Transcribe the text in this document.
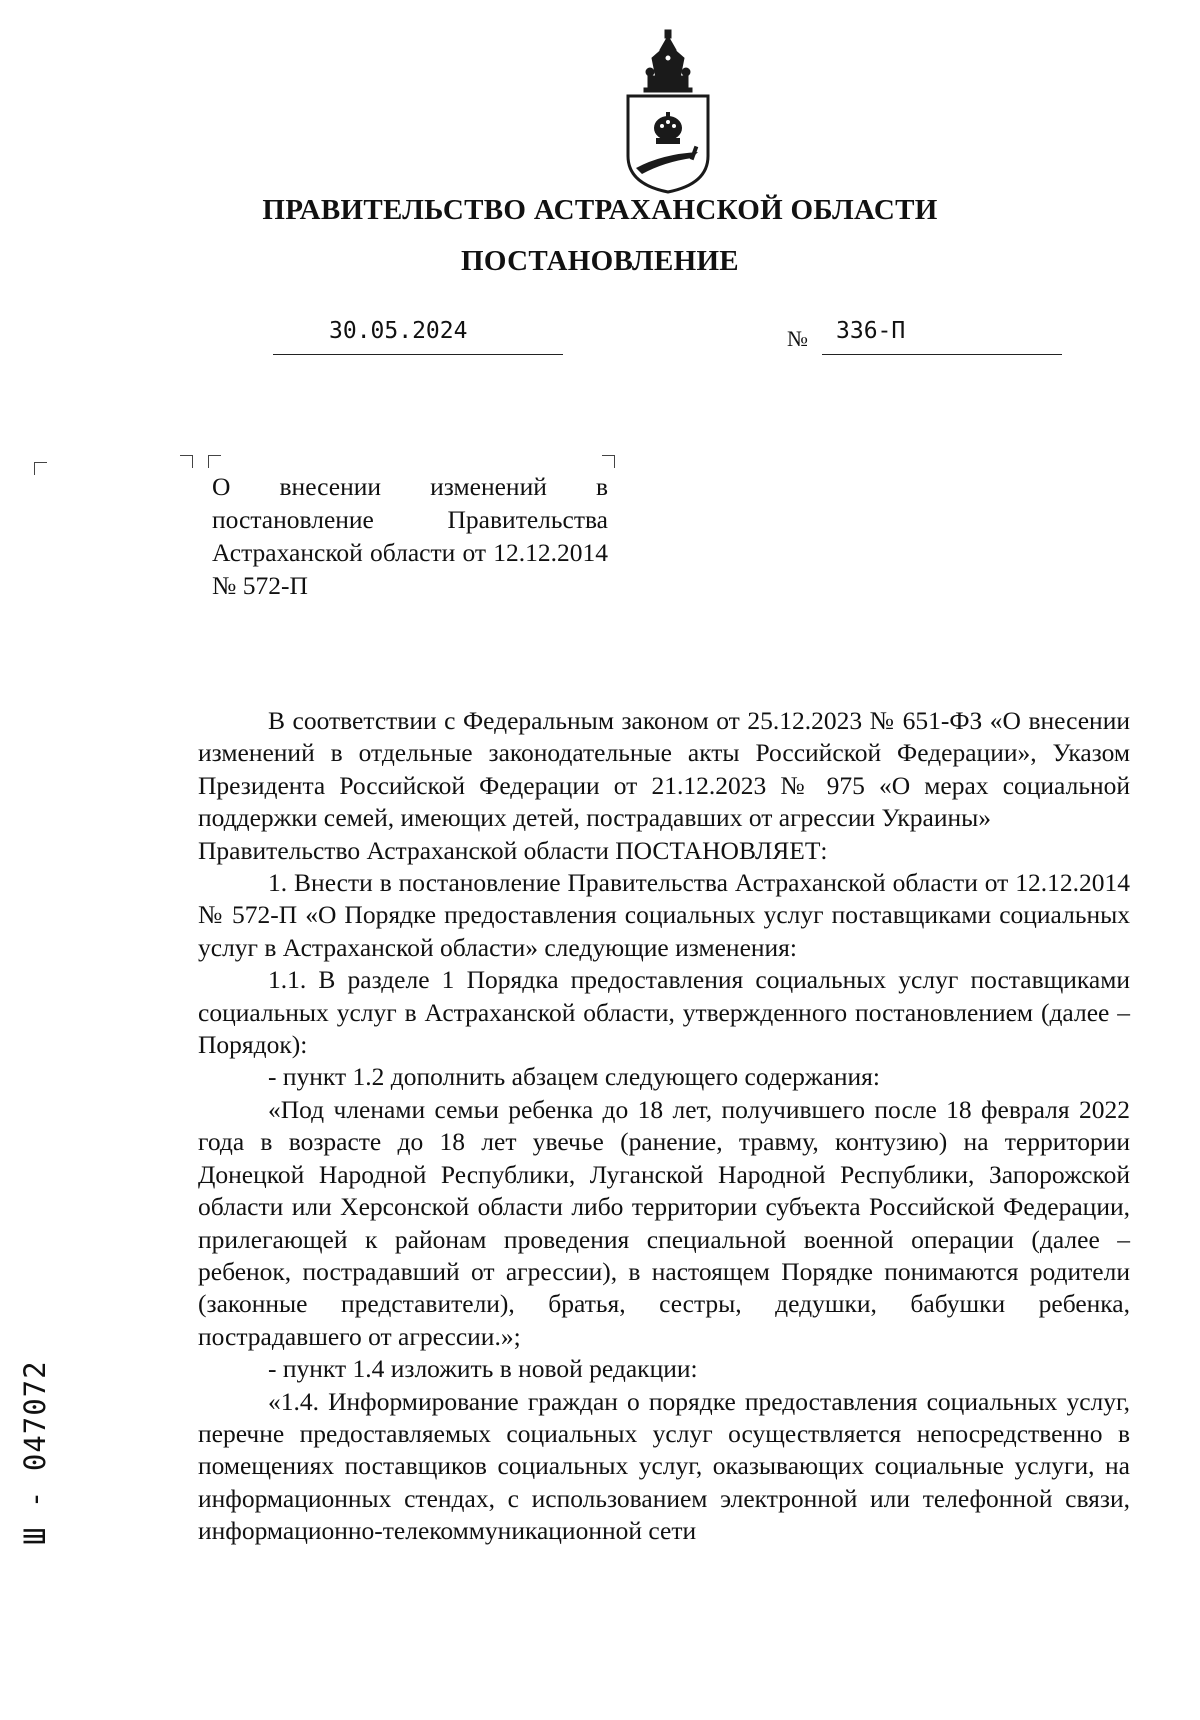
ПРАВИТЕЛЬСТВО АСТРАХАНСКОЙ ОБЛАСТИ
ПОСТАНОВЛЕНИЕ
30.05.2024	№ 336-П
О внесении изменений в постановление Правительства Астраханской области от 12.12.2014 № 572-П

В соответствии с Федеральным законом от 25.12.2023 № 651-ФЗ «О внесении изменений в отдельные законодательные акты Российской Федерации», Указом Президента Российской Федерации от 21.12.2023 № 975 «О мерах социальной поддержки семей, имеющих детей, пострадавших от агрессии Украины»

Правительство Астраханской области ПОСТАНОВЛЯЕТ:

1. Внести в постановление Правительства Астраханской области от 12.12.2014 № 572-П «О Порядке предоставления социальных услуг поставщиками социальных услуг в Астраханской области» следующие изменения:

1.1. В разделе 1 Порядка предоставления социальных услуг поставщиками социальных услуг в Астраханской области, утвержденного постановлением (далее – Порядок):

- пункт 1.2 дополнить абзацем следующего содержания:

«Под членами семьи ребенка до 18 лет, получившего после 18 февраля 2022 года в возрасте до 18 лет увечье (ранение, травму, контузию) на территории Донецкой Народной Республики, Луганской Народной Республики, Запорожской области или Херсонской области либо территории субъекта Российской Федерации, прилегающей к районам проведения специальной военной операции (далее – ребенок, пострадавший от агрессии), в настоящем Порядке понимаются родители (законные представители), братья, сестры, дедушки, бабушки ребенка, пострадавшего от агрессии.»;

- пункт 1.4 изложить в новой редакции:

«1.4. Информирование граждан о порядке предоставления социальных услуг, перечне предоставляемых социальных услуг осуществляется непосредственно в помещениях поставщиков социальных услуг, оказывающих социальные услуги, на информационных стендах, с использованием электронной или телефонной связи, информационно-телекоммуникационной сети

Ш - 047072
